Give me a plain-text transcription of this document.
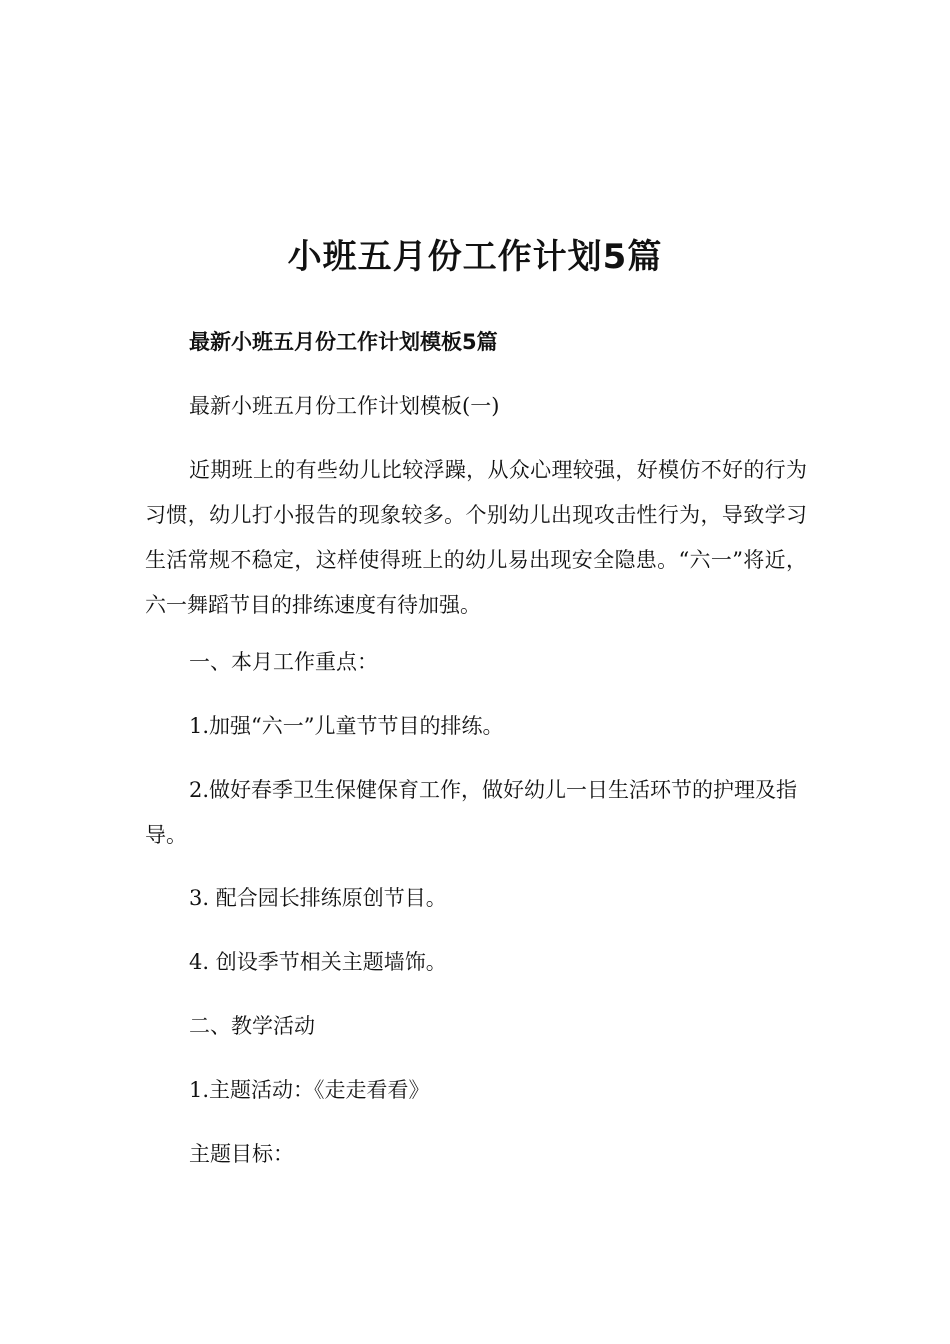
小班五月份工作计划5篇
最新小班五月份工作计划模板5篇

最新小班五月份工作计划模板(一)

近期班上的有些幼儿比较浮躁，从众心理较强，好模仿不好的行为习惯，幼儿打小报告的现象较多。个别幼儿出现攻击性行为，导致学习生活常规不稳定，这样使得班上的幼儿易出现安全隐患。“六一”将近，六一舞蹈节目的排练速度有待加强。

一、本月工作重点：

1.加强“六一”儿童节节目的排练。

2.做好春季卫生保健保育工作，做好幼儿一日生活环节的护理及指导。

3. 配合园长排练原创节目。

4. 创设季节相关主题墙饰。

二、教学活动

1.主题活动：《走走看看》

主题目标：
